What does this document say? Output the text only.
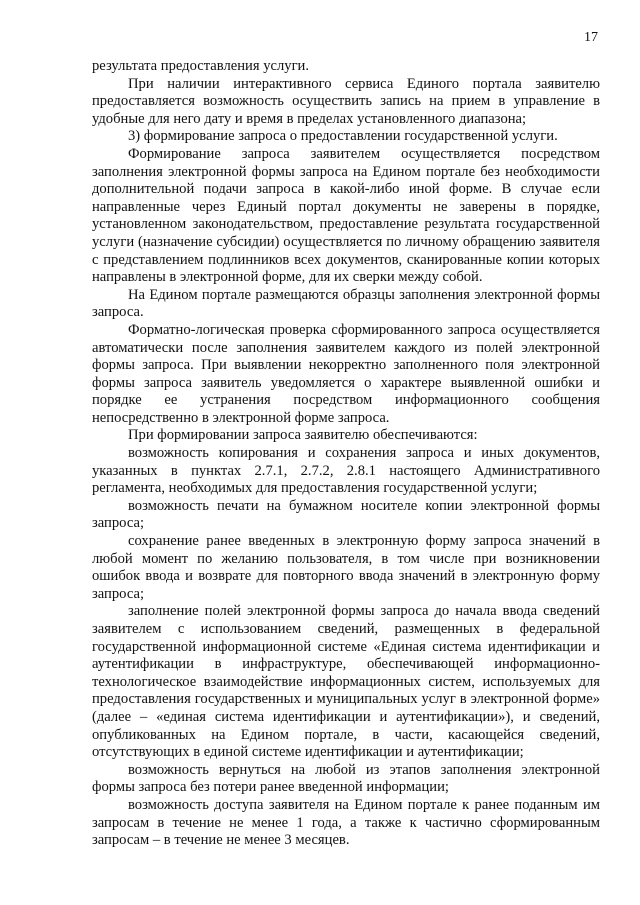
17

результата предоставления услуги.

При наличии интерактивного сервиса Единого портала заявителю предоставляется возможность осуществить запись на прием в управление в удобные для него дату и время в пределах установленного диапазона;

3) формирование запроса о предоставлении государственной услуги.

Формирование запроса заявителем осуществляется посредством заполнения электронной формы запроса на Едином портале без необходимости дополнительной подачи запроса в какой-либо иной форме. В случае если направленные через Единый портал документы не заверены в порядке, установленном законодательством, предоставление результата государственной услуги (назначение субсидии) осуществляется по личному обращению заявителя с представлением подлинников всех документов, сканированные копии которых направлены в электронной форме, для их сверки между собой.

На Едином портале размещаются образцы заполнения электронной формы запроса.

Форматно-логическая проверка сформированного запроса осуществляется автоматически после заполнения заявителем каждого из полей электронной формы запроса. При выявлении некорректно заполненного поля электронной формы запроса заявитель уведомляется о характере выявленной ошибки и порядке ее устранения посредством информационного сообщения непосредственно в электронной форме запроса.

При формировании запроса заявителю обеспечиваются:

возможность копирования и сохранения запроса и иных документов, указанных в пунктах 2.7.1, 2.7.2, 2.8.1 настоящего Административного регламента, необходимых для предоставления государственной услуги;

возможность печати на бумажном носителе копии электронной формы запроса;

сохранение ранее введенных в электронную форму запроса значений в любой момент по желанию пользователя, в том числе при возникновении ошибок ввода и возврате для повторного ввода значений в электронную форму запроса;

заполнение полей электронной формы запроса до начала ввода сведений заявителем с использованием сведений, размещенных в федеральной государственной информационной системе «Единая система идентификации и аутентификации в инфраструктуре, обеспечивающей информационно-технологическое взаимодействие информационных систем, используемых для предоставления государственных и муниципальных услуг в электронной форме» (далее – «единая система идентификации и аутентификации»), и сведений, опубликованных на Едином портале, в части, касающейся сведений, отсутствующих в единой системе идентификации и аутентификации;

возможность вернуться на любой из этапов заполнения электронной формы запроса без потери ранее введенной информации;

возможность доступа заявителя на Едином портале к ранее поданным им запросам в течение не менее 1 года, а также к частично сформированным запросам – в течение не менее 3 месяцев.
